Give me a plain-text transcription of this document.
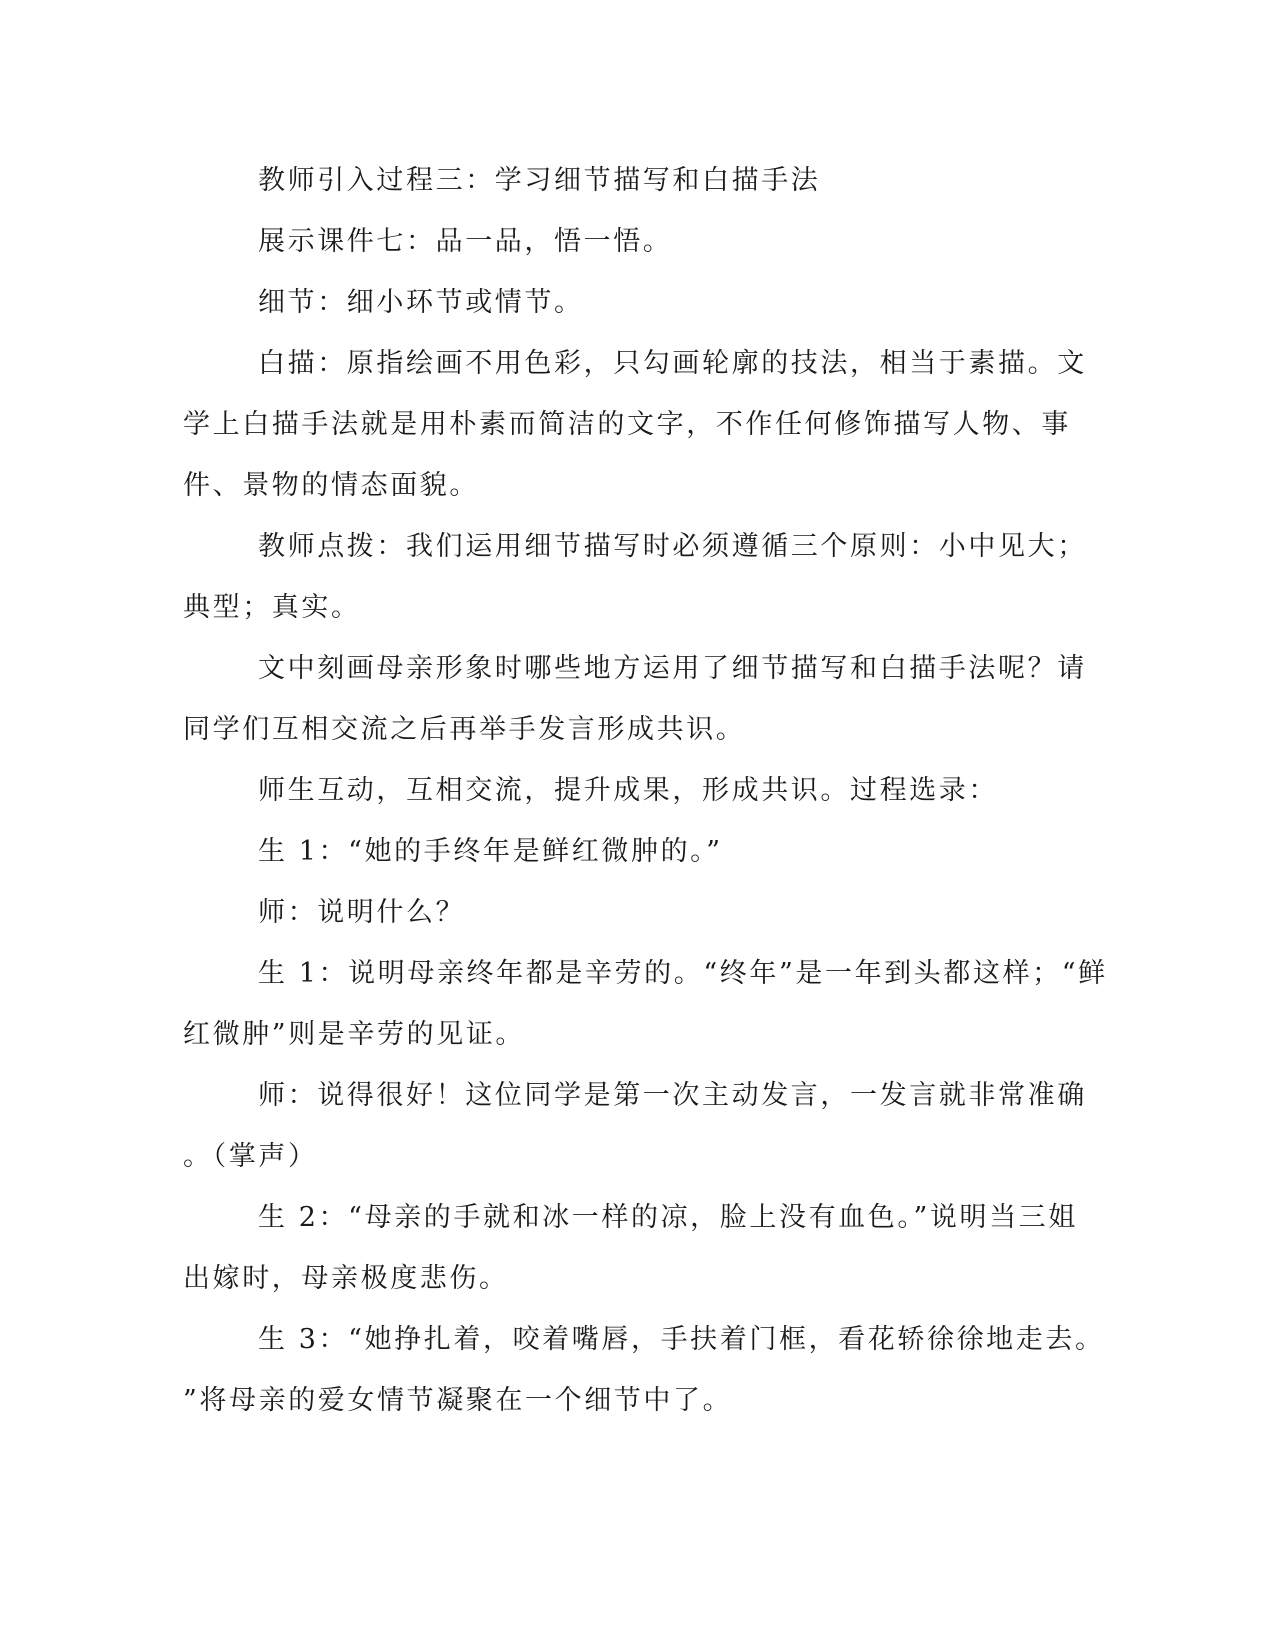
教师引入过程三：学习细节描写和白描手法
展示课件七：品一品，悟一悟。
细节：细小环节或情节。
白描：原指绘画不用色彩，只勾画轮廓的技法，相当于素描。文
学上白描手法就是用朴素而简洁的文字，不作任何修饰描写人物、事
件、景物的情态面貌。
教师点拨：我们运用细节描写时必须遵循三个原则：小中见大；
典型；真实。
文中刻画母亲形象时哪些地方运用了细节描写和白描手法呢？请
同学们互相交流之后再举手发言形成共识。
师生互动，互相交流，提升成果，形成共识。过程选录：
生 1：“她的手终年是鲜红微肿的。”
师：说明什么？
生 1：说明母亲终年都是辛劳的。“终年”是一年到头都这样；“鲜
红微肿”则是辛劳的见证。
师：说得很好！这位同学是第一次主动发言，一发言就非常准确
。（掌声）
生 2：“母亲的手就和冰一样的凉，脸上没有血色。”说明当三姐
出嫁时，母亲极度悲伤。
生 3：“她挣扎着，咬着嘴唇，手扶着门框，看花轿徐徐地走去。
”将母亲的爱女情节凝聚在一个细节中了。
